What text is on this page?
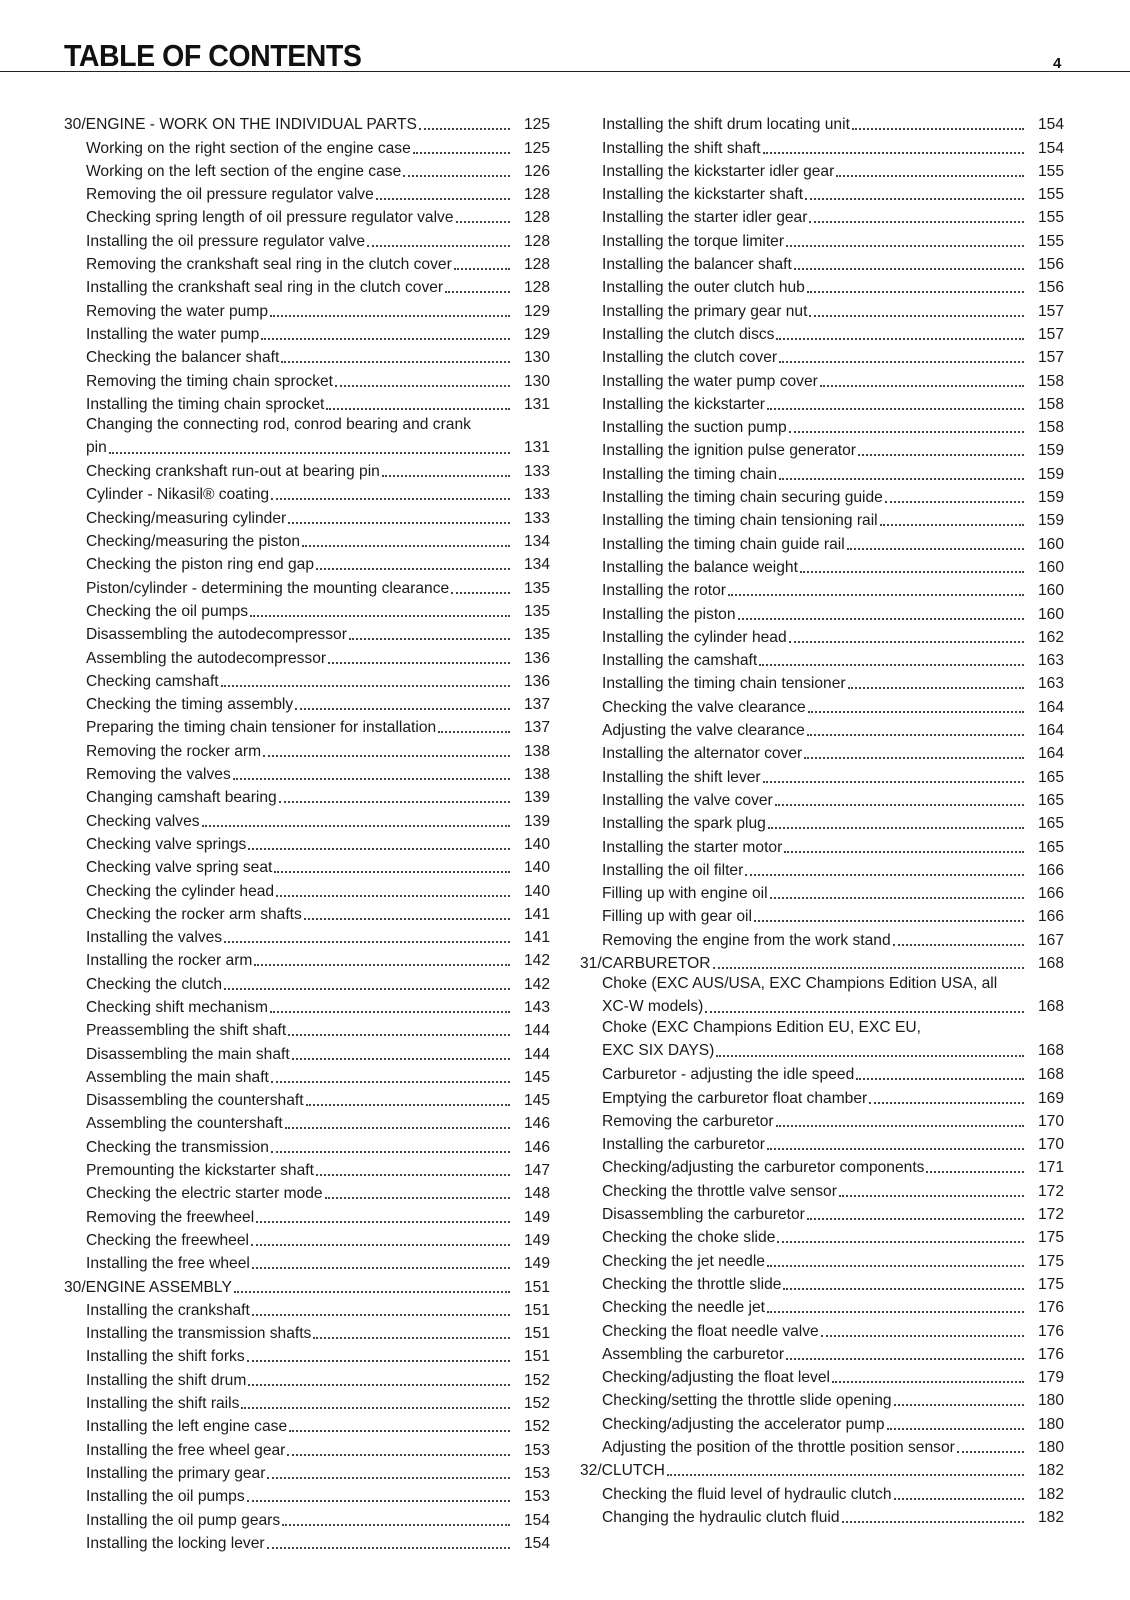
TABLE OF CONTENTS	4
30/ENGINE - WORK ON THE INDIVIDUAL PARTS	125
Working on the right section of the engine case	125
Working on the left section of the engine case	126
Removing the oil pressure regulator valve	128
Checking spring length of oil pressure regulator valve	128
Installing the oil pressure regulator valve	128
Removing the crankshaft seal ring in the clutch cover	128
Installing the crankshaft seal ring in the clutch cover	128
Removing the water pump	129
Installing the water pump	129
Checking the balancer shaft	130
Removing the timing chain sprocket	130
Installing the timing chain sprocket	131
Changing the connecting rod, conrod bearing and crank
pin	131
Checking crankshaft run-out at bearing pin	133
Cylinder - Nikasil® coating	133
Checking/measuring cylinder	133
Checking/measuring the piston	134
Checking the piston ring end gap	134
Piston/cylinder - determining the mounting clearance	135
Checking the oil pumps	135
Disassembling the autodecompressor	135
Assembling the autodecompressor	136
Checking camshaft	136
Checking the timing assembly	137
Preparing the timing chain tensioner for installation	137
Removing the rocker arm	138
Removing the valves	138
Changing camshaft bearing	139
Checking valves	139
Checking valve springs	140
Checking valve spring seat	140
Checking the cylinder head	140
Checking the rocker arm shafts	141
Installing the valves	141
Installing the rocker arm	142
Checking the clutch	142
Checking shift mechanism	143
Preassembling the shift shaft	144
Disassembling the main shaft	144
Assembling the main shaft	145
Disassembling the countershaft	145
Assembling the countershaft	146
Checking the transmission	146
Premounting the kickstarter shaft	147
Checking the electric starter mode	148
Removing the freewheel	149
Checking the freewheel	149
Installing the free wheel	149
30/ENGINE ASSEMBLY	151
Installing the crankshaft	151
Installing the transmission shafts	151
Installing the shift forks	151
Installing the shift drum	152
Installing the shift rails	152
Installing the left engine case	152
Installing the free wheel gear	153
Installing the primary gear	153
Installing the oil pumps	153
Installing the oil pump gears	154
Installing the locking lever	154
Installing the shift drum locating unit	154
Installing the shift shaft	154
Installing the kickstarter idler gear	155
Installing the kickstarter shaft	155
Installing the starter idler gear	155
Installing the torque limiter	155
Installing the balancer shaft	156
Installing the outer clutch hub	156
Installing the primary gear nut	157
Installing the clutch discs	157
Installing the clutch cover	157
Installing the water pump cover	158
Installing the kickstarter	158
Installing the suction pump	158
Installing the ignition pulse generator	159
Installing the timing chain	159
Installing the timing chain securing guide	159
Installing the timing chain tensioning rail	159
Installing the timing chain guide rail	160
Installing the balance weight	160
Installing the rotor	160
Installing the piston	160
Installing the cylinder head	162
Installing the camshaft	163
Installing the timing chain tensioner	163
Checking the valve clearance	164
Adjusting the valve clearance	164
Installing the alternator cover	164
Installing the shift lever	165
Installing the valve cover	165
Installing the spark plug	165
Installing the starter motor	165
Installing the oil filter	166
Filling up with engine oil	166
Filling up with gear oil	166
Removing the engine from the work stand	167
31/CARBURETOR	168
Choke (EXC AUS/USA, EXC Champions Edition USA, all
XC-W models)	168
Choke (EXC Champions Edition EU, EXC EU,
EXC SIX DAYS)	168
Carburetor - adjusting the idle speed	168
Emptying the carburetor float chamber	169
Removing the carburetor	170
Installing the carburetor	170
Checking/adjusting the carburetor components	171
Checking the throttle valve sensor	172
Disassembling the carburetor	172
Checking the choke slide	175
Checking the jet needle	175
Checking the throttle slide	175
Checking the needle jet	176
Checking the float needle valve	176
Assembling the carburetor	176
Checking/adjusting the float level	179
Checking/setting the throttle slide opening	180
Checking/adjusting the accelerator pump	180
Adjusting the position of the throttle position sensor	180
32/CLUTCH	182
Checking the fluid level of hydraulic clutch	182
Changing the hydraulic clutch fluid	182
